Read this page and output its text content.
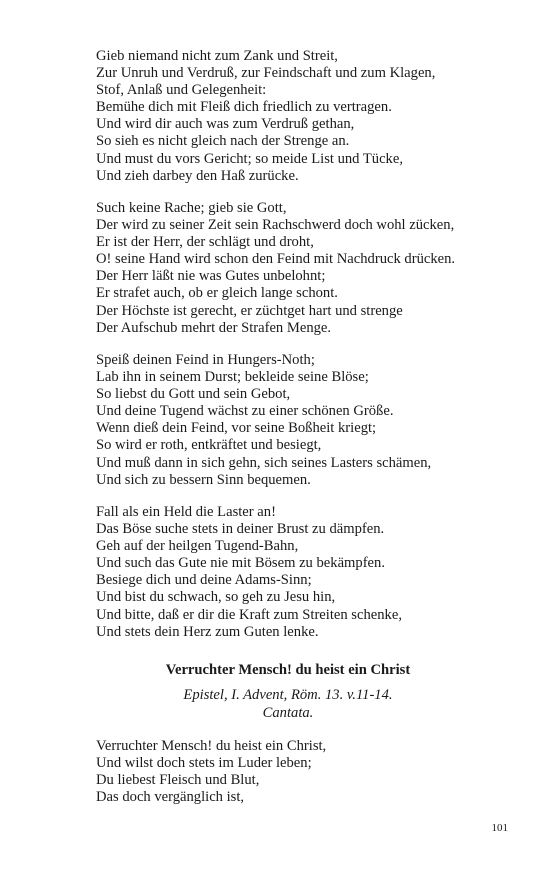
Gieb niemand nicht zum Zank und Streit,
Zur Unruh und Verdruß, zur Feindschaft und zum Klagen,
Stof, Anlaß und Gelegenheit:
Bemühe dich mit Fleiß dich friedlich zu vertragen.
Und wird dir auch was zum Verdruß gethan,
So sieh es nicht gleich nach der Strenge an.
Und must du vors Gericht; so meide List und Tücke,
Und zieh darbey den Haß zurücke.
Such keine Rache; gieb sie Gott,
Der wird zu seiner Zeit sein Rachschwerd doch wohl zücken,
Er ist der Herr, der schlägt und droht,
O! seine Hand wird schon den Feind mit Nachdruck drücken.
Der Herr läßt nie was Gutes unbelohnt;
Er strafet auch, ob er gleich lange schont.
Der Höchste ist gerecht, er züchtget hart und strenge
Der Aufschub mehrt der Strafen Menge.
Speiß deinen Feind in Hungers-Noth;
Lab ihn in seinem Durst; bekleide seine Blöse;
So liebst du Gott und sein Gebot,
Und deine Tugend wächst zu einer schönen Größe.
Wenn dieß dein Feind, vor seine Boßheit kriegt;
So wird er roth, entkräftet und besiegt,
Und muß dann in sich gehn, sich seines Lasters schämen,
Und sich zu bessern Sinn bequemen.
Fall als ein Held die Laster an!
Das Böse suche stets in deiner Brust zu dämpfen.
Geh auf der heilgen Tugend-Bahn,
Und such das Gute nie mit Bösem zu bekämpfen.
Besiege dich und deine Adams-Sinn;
Und bist du schwach, so geh zu Jesu hin,
Und bitte, daß er dir die Kraft zum Streiten schenke,
Und stets dein Herz zum Guten lenke.
Verruchter Mensch! du heist ein Christ
Epistel, I. Advent, Röm. 13. v.11-14.
Cantata.
Verruchter Mensch! du heist ein Christ,
Und wilst doch stets im Luder leben;
Du liebest Fleisch und Blut,
Das doch vergänglich ist,
101
